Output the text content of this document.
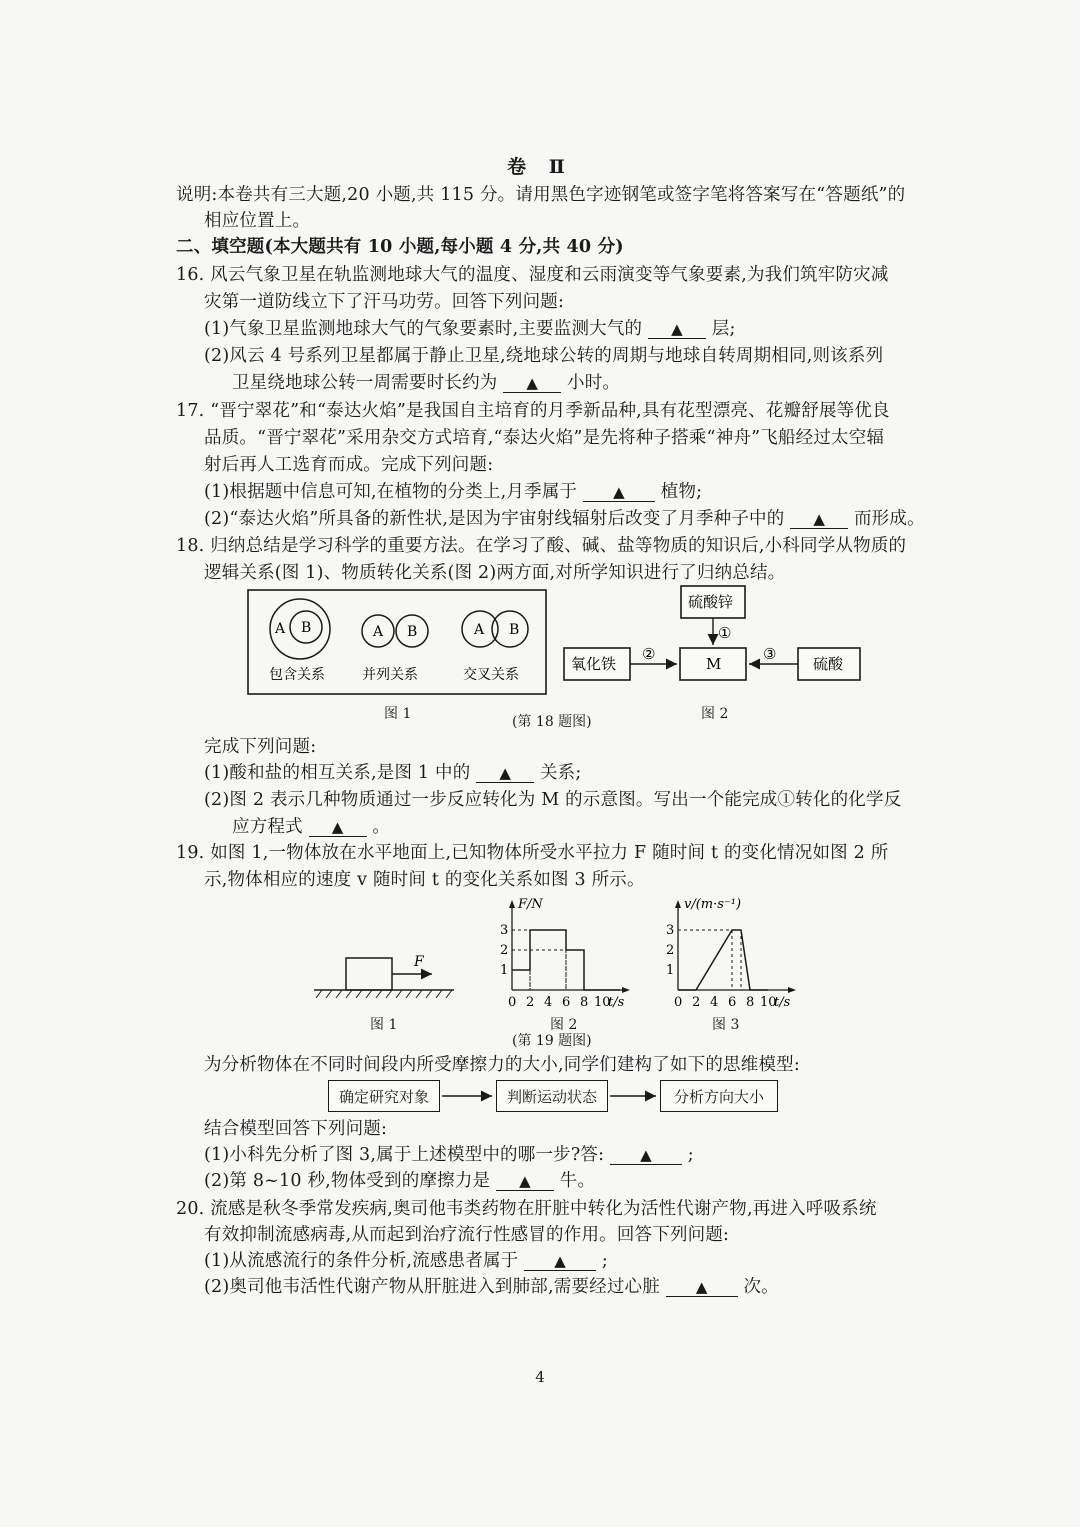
卷 Ⅱ
说明:本卷共有三大题,20 小题,共 115 分。请用黑色字迹钢笔或签字笔将答案写在“答题纸”的
相应位置上。
二、填空题(本大题共有 10 小题,每小题 4 分,共 40 分)
16. 风云气象卫星在轨监测地球大气的温度、湿度和云雨演变等气象要素,为我们筑牢防灾减
灾第一道防线立下了汗马功劳。回答下列问题:
(1)气象卫星监测地球大气的气象要素时,主要监测大气的 ▲ 层;
(2)风云 4 号系列卫星都属于静止卫星,绕地球公转的周期与地球自转周期相同,则该系列
卫星绕地球公转一周需要时长约为 ▲ 小时。
17. “晋宁翠花”和“泰达火焰”是我国自主培育的月季新品种,具有花型漂亮、花瓣舒展等优良
品质。“晋宁翠花”采用杂交方式培育,“泰达火焰”是先将种子搭乘“神舟”飞船经过太空辐
射后再人工选育而成。完成下列问题:
(1)根据题中信息可知,在植物的分类上,月季属于 ▲ 植物;
(2)“泰达火焰”所具备的新性状,是因为宇宙射线辐射后改变了月季种子中的 ▲ 而形成。
18. 归纳总结是学习科学的重要方法。在学习了酸、碱、盐等物质的知识后,小科同学从物质的
逻辑关系(图 1)、物质转化关系(图 2)两方面,对所学知识进行了归纳总结。
A B	A B	A B
包含关系	并列关系	交叉关系
图 1	(第 18 题图)
硫酸锌
氧化铁	M	硫酸
①
②	③
图 2
完成下列问题:
(1)酸和盐的相互关系,是图 1 中的 ▲ 关系;
(2)图 2 表示几种物质通过一步反应转化为 M 的示意图。写出一个能完成①转化的化学反
应方程式 ▲ 。
19. 如图 1,一物体放在水平地面上,已知物体所受水平拉力 F 随时间 t 的变化情况如图 2 所
示,物体相应的速度 v 随时间 t 的变化关系如图 3 所示。
F
图 1
0 2 4 6 8 10
1
2
3
t/s
F/N
0 2 4 6 8 10
1
2
3
t/s
v/(m·s⁻¹)
图 2	图 3
(第 19 题图)
为分析物体在不同时间段内所受摩擦力的大小,同学们建构了如下的思维模型:
确定研究对象	判断运动状态	分析方向大小
结合模型回答下列问题:
(1)小科先分析了图 3,属于上述模型中的哪一步?答: ▲ ;
(2)第 8~10 秒,物体受到的摩擦力是 ▲ 牛。
20. 流感是秋冬季常发疾病,奥司他韦类药物在肝脏中转化为活性代谢产物,再进入呼吸系统
有效抑制流感病毒,从而起到治疗流行性感冒的作用。回答下列问题:
(1)从流感流行的条件分析,流感患者属于 ▲ ;
(2)奥司他韦活性代谢产物从肝脏进入到肺部,需要经过心脏 ▲ 次。
4
